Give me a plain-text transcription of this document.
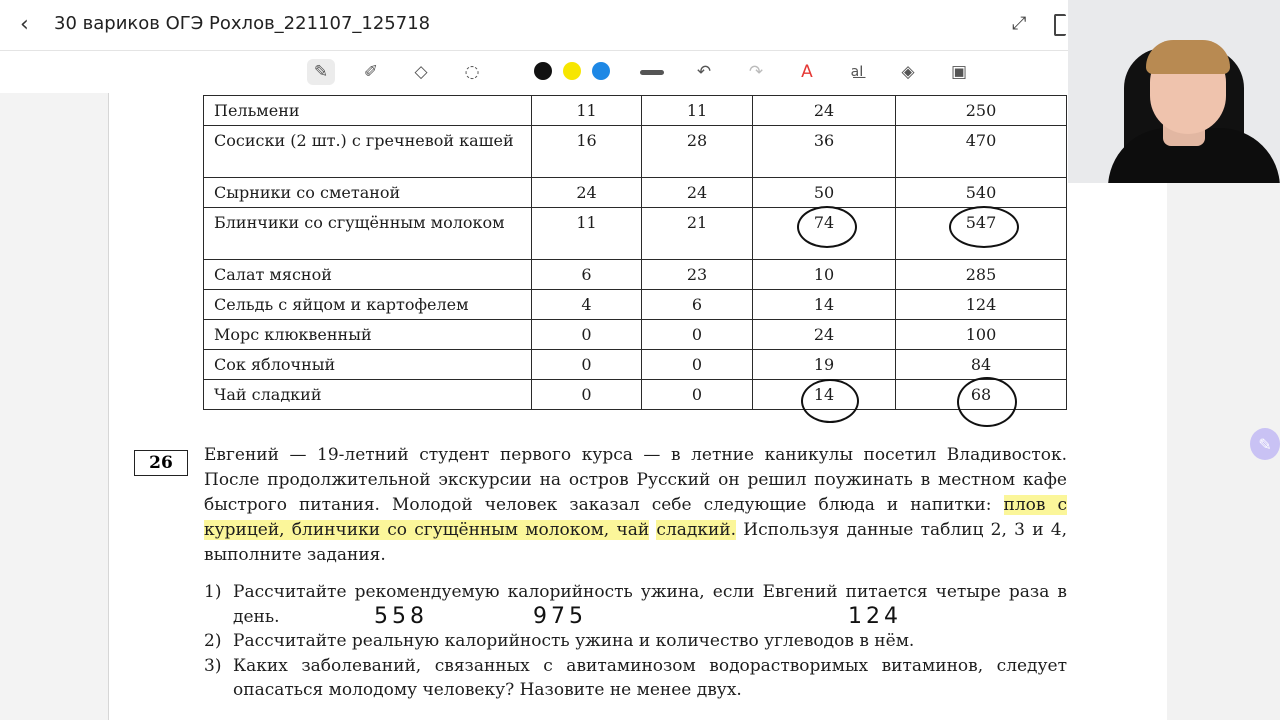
‹	30 вариков ОГЭ Рохлов_221107_125718	⤢
✎	✐	◇	◌	↶	↷	A	a͟I	◈	▣
Пельмени	11	11	24	250
Сосиски (2 шт.) с гречневой кашей	16	28	36	470
Сырники со сметаной	24	24	50	540
Блинчики со сгущённым молоком	11	21	74	547
Салат мясной	6	23	10	285
Сельдь с яйцом и картофелем	4	6	14	124
Морс клюквенный	0	0	24	100
Сок яблочный	0	0	19	84
Чай сладкий	0	0	14	68
26	Евгений — 19-летний студент первого курса — в летние каникулы посетил Владивосток. После продолжительной экскурсии на остров Русский он решил поужинать в местном кафе быстрого питания. Молодой человек заказал себе следующие блюда и напитки: плов с курицей, блинчики со сгущённым молоком, чай сладкий. Используя данные таблиц 2, 3 и 4, выполните задания.
1) Рассчитайте рекомендуемую калорийность ужина, если Евгений питается четыре раза в день.
2) Рассчитайте реальную калорийность ужина и количество углеводов в нём.
3) Каких заболеваний, связанных с авитаминозом водорастворимых витаминов, следует опасаться молодому человеку? Назовите не менее двух.
558	975	124
✎
